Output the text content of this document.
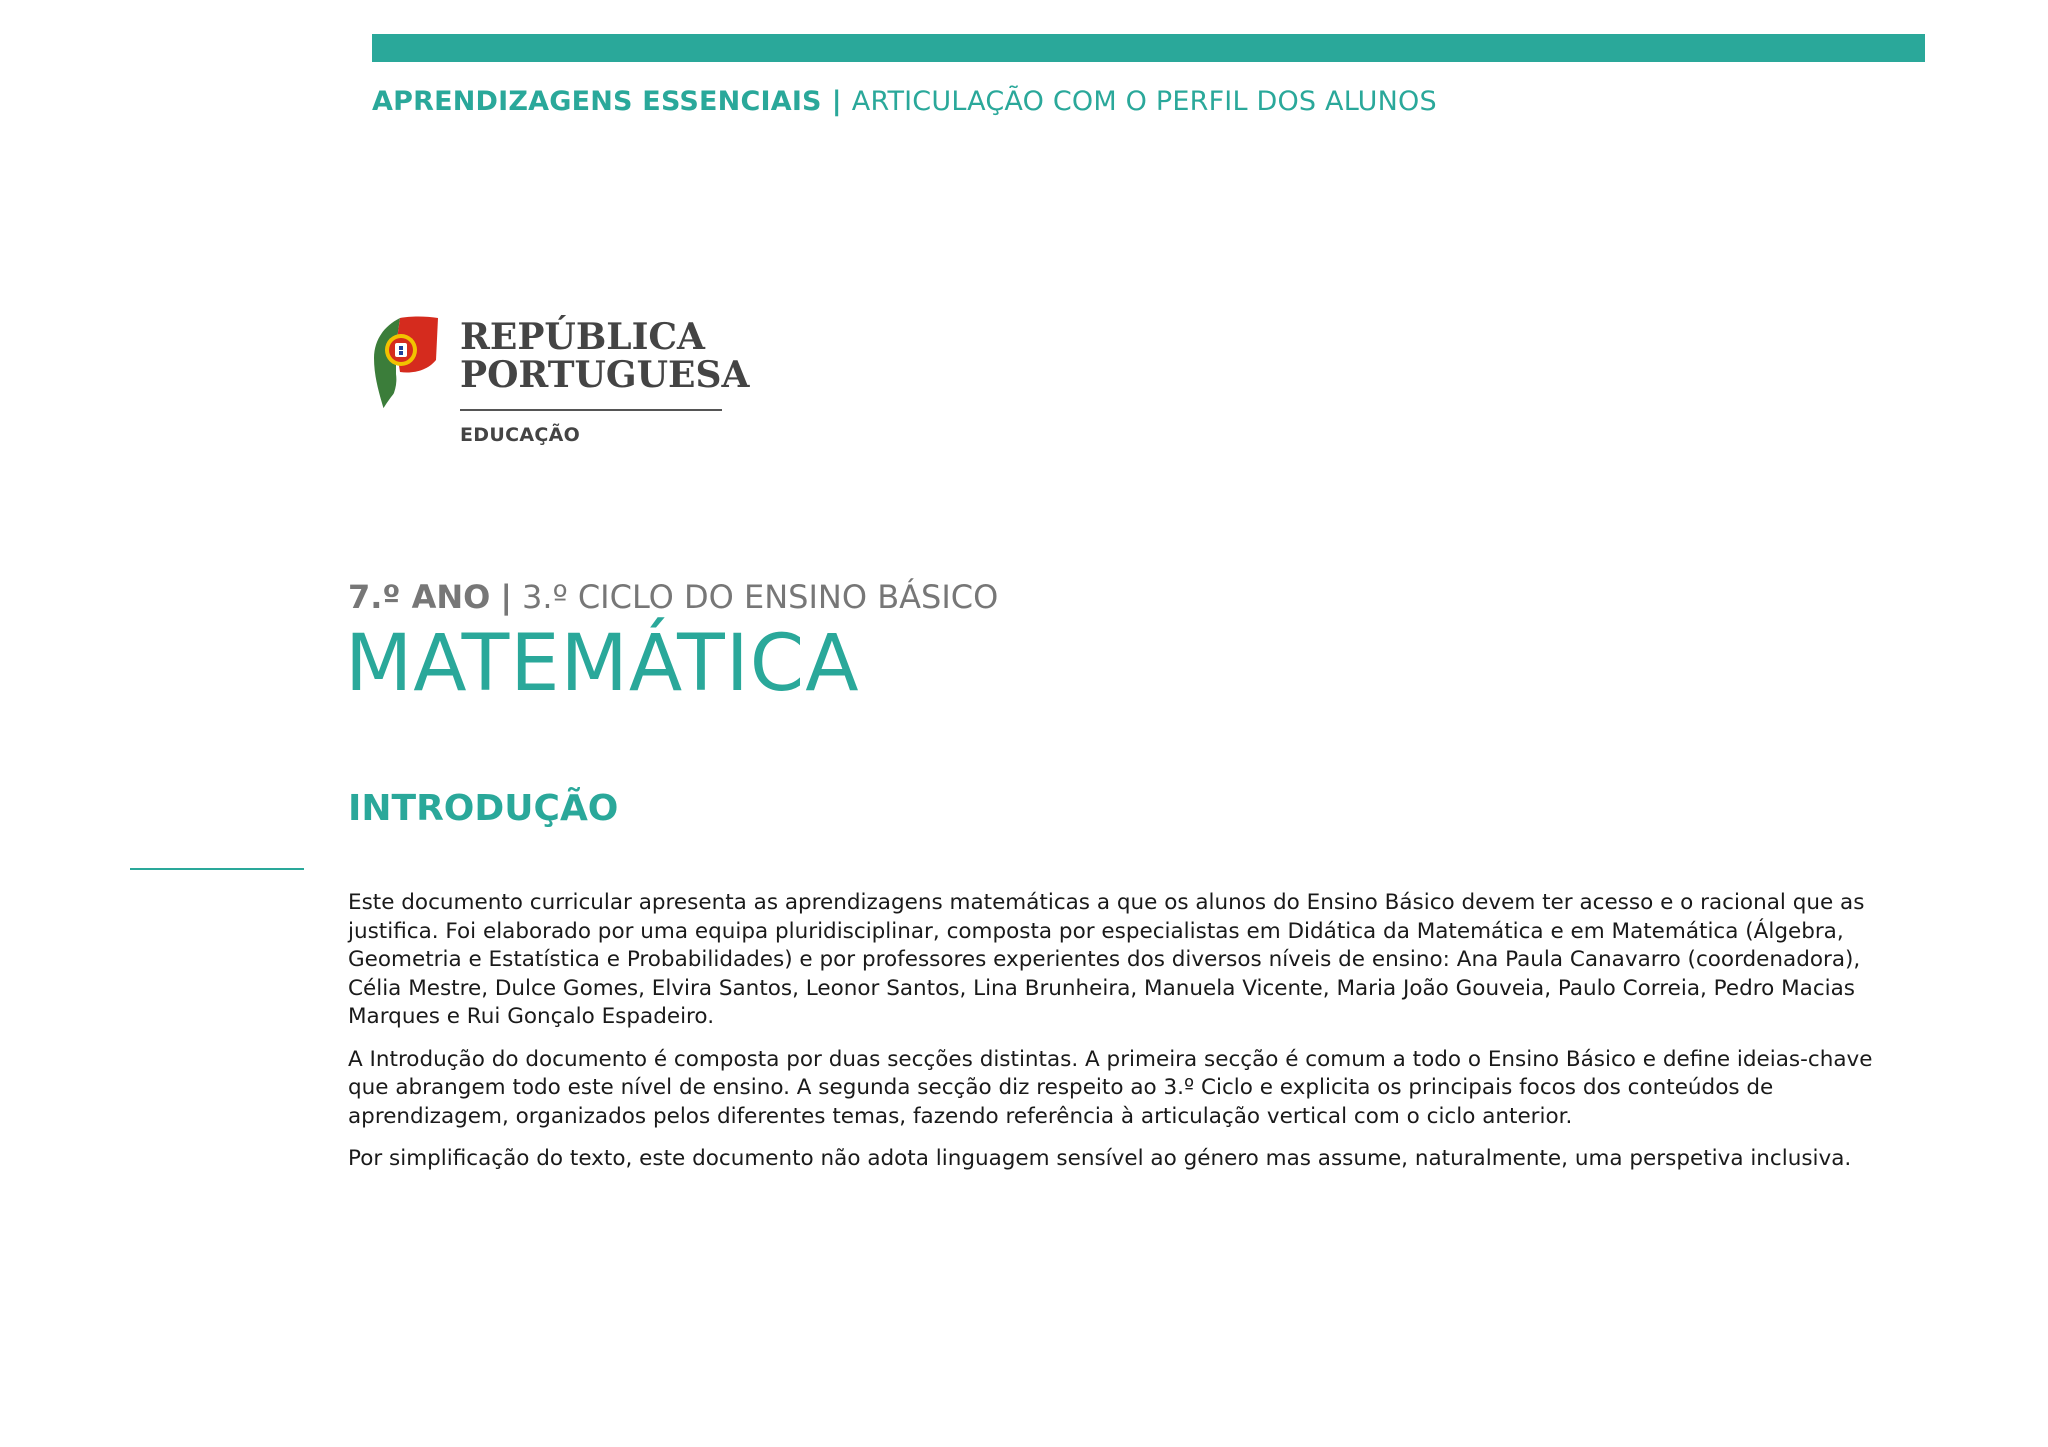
APRENDIZAGENS ESSENCIAIS | ARTICULAÇÃO COM O PERFIL DOS ALUNOS
REPÚBLICA
PORTUGUESA
EDUCAÇÃO
7.º ANO | 3.º CICLO DO ENSINO BÁSICO
MATEMÁTICA
INTRODUÇÃO

Este documento curricular apresenta as aprendizagens matemáticas a que os alunos do Ensino Básico devem ter acesso e o racional que as justifica. Foi elaborado por uma equipa pluridisciplinar, composta por especialistas em Didática da Matemática e em Matemática (Álgebra, Geometria e Estatística e Probabilidades) e por professores experientes dos diversos níveis de ensino: Ana Paula Canavarro (coordenadora), Célia Mestre, Dulce Gomes, Elvira Santos, Leonor Santos, Lina Brunheira, Manuela Vicente, Maria João Gouveia, Paulo Correia, Pedro Macias Marques e Rui Gonçalo Espadeiro.

A Introdução do documento é composta por duas secções distintas. A primeira secção é comum a todo o Ensino Básico e define ideias-chave que abrangem todo este nível de ensino. A segunda secção diz respeito ao 3.º Ciclo e explicita os principais focos dos conteúdos de aprendizagem, organizados pelos diferentes temas, fazendo referência à articulação vertical com o ciclo anterior.

Por simplificação do texto, este documento não adota linguagem sensível ao género mas assume, naturalmente, uma perspetiva inclusiva.
